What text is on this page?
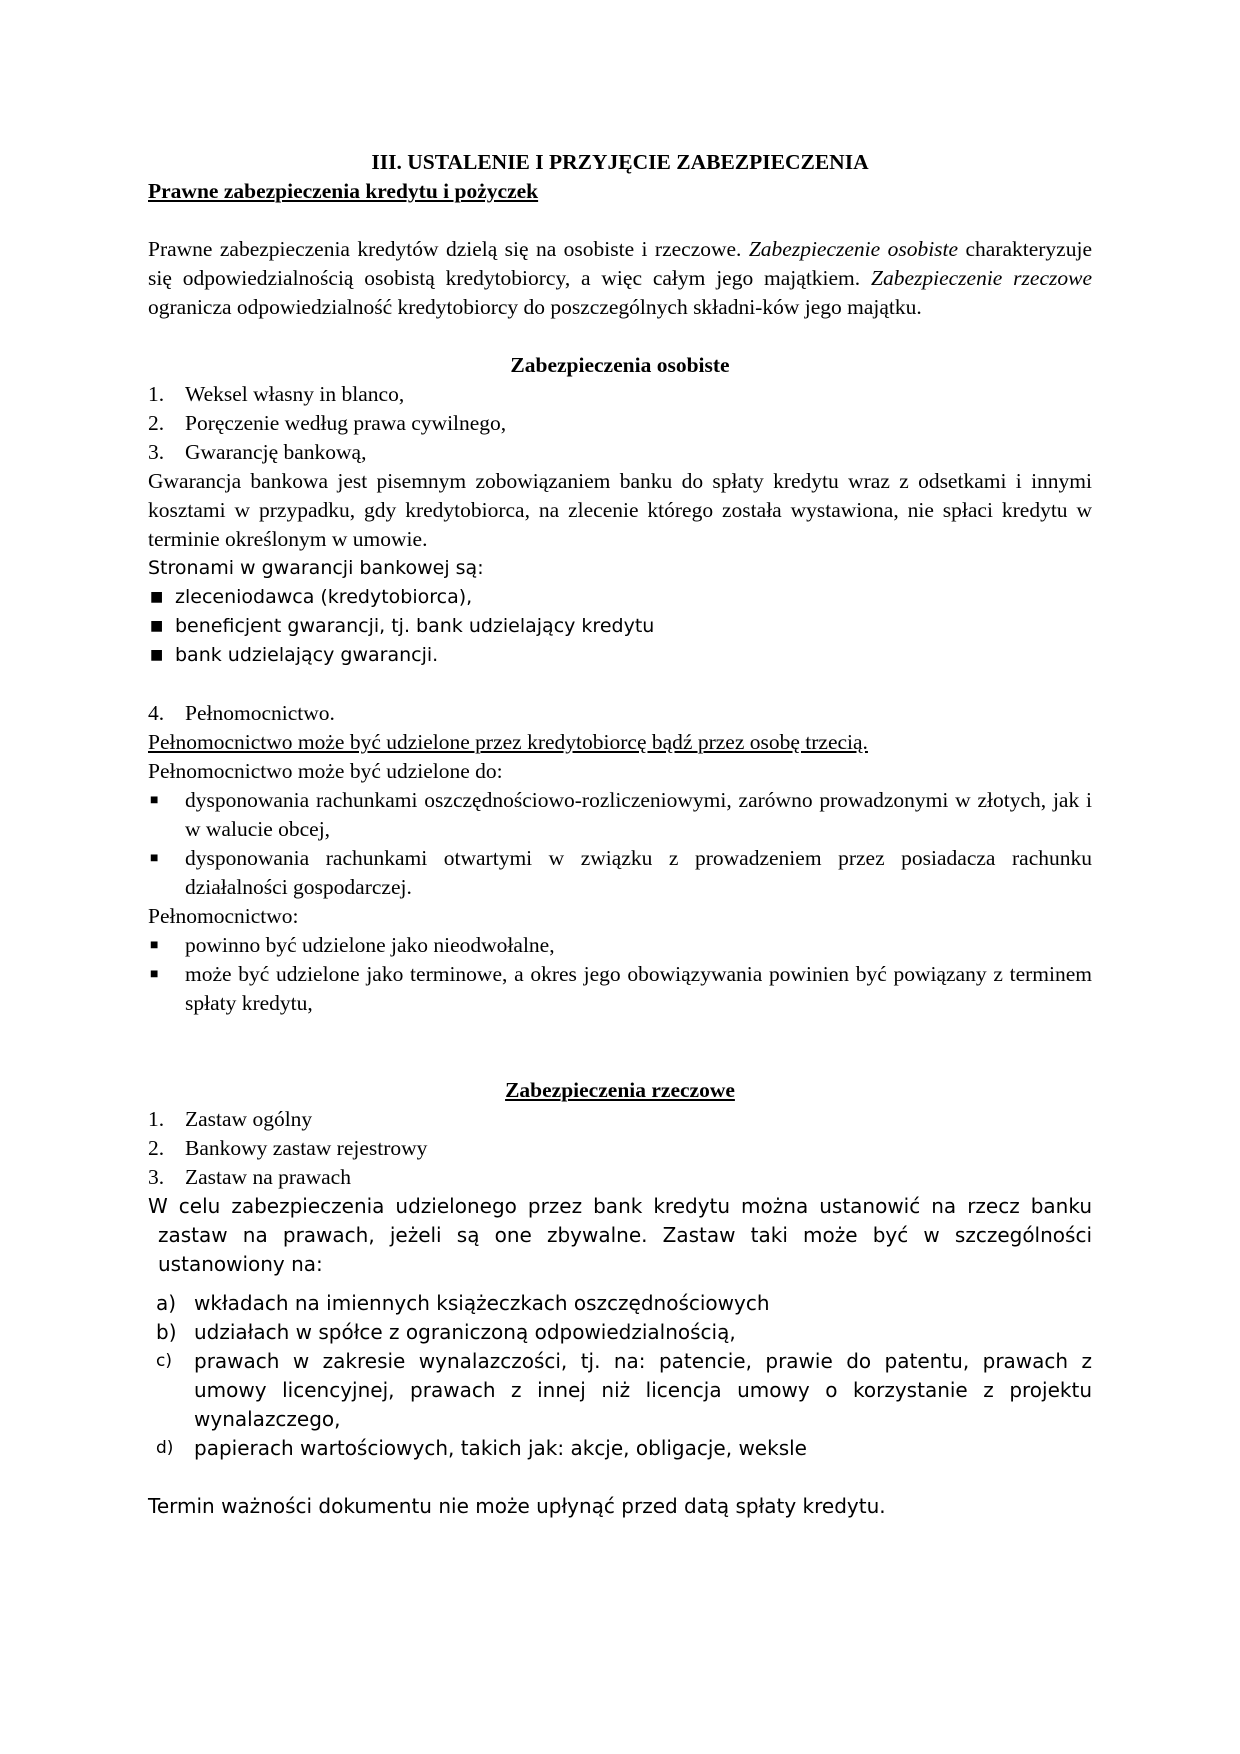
III. USTALENIE I PRZYJĘCIE ZABEZPIECZENIA

Prawne zabezpieczenia kredytu i pożyczek

Prawne zabezpieczenia kredytów dzielą się na osobiste i rzeczowe. Zabezpieczenie osobiste charakteryzuje się odpowiedzialnością osobistą kredytobiorcy, a więc całym jego majątkiem. Zabezpieczenie rzeczowe ogranicza odpowiedzialność kredytobiorcy do poszczególnych składni-ków jego majątku.

Zabezpieczenia osobiste

1. Weksel własny in blanco,
2. Poręczenie według prawa cywilnego,
3. Gwarancję bankową,

Gwarancja bankowa jest pisemnym zobowiązaniem banku do spłaty kredytu wraz z odsetkami i innymi kosztami w przypadku, gdy kredytobiorca, na zlecenie którego została wystawiona, nie spłaci kredytu w terminie określonym w umowie.

Stronami w gwarancji bankowej są:

■ zleceniodawca (kredytobiorca),
■ beneficjent gwarancji, tj. bank udzielający kredytu
■ bank udzielający gwarancji.
4. Pełnomocnictwo.

Pełnomocnictwo może być udzielone przez kredytobiorcę bądź przez osobę trzecią.

Pełnomocnictwo może być udzielone do:

■ dysponowania rachunkami oszczędnościowo-rozliczeniowymi, zarówno prowadzonymi w złotych, jak i w walucie obcej,
■ dysponowania rachunkami otwartymi w związku z prowadzeniem przez posiadacza rachunku działalności gospodarczej.

Pełnomocnictwo:

■ powinno być udzielone jako nieodwołalne,
■ może być udzielone jako terminowe, a okres jego obowiązywania powinien być powiązany z terminem spłaty kredytu,

Zabezpieczenia rzeczowe

1. Zastaw ogólny
2. Bankowy zastaw rejestrowy
3. Zastaw na prawach

W celu zabezpieczenia udzielonego przez bank kredytu można ustanowić na rzecz banku zastaw na prawach, jeżeli są one zbywalne. Zastaw taki może być w szczególności ustanowiony na:

a) wkładach na imiennych książeczkach oszczędnościowych
b) udziałach w spółce z ograniczoną odpowiedzialnością,
c) prawach w zakresie wynalazczości, tj. na: patencie, prawie do patentu, prawach z umowy licencyjnej, prawach z innej niż licencja umowy o korzystanie z projektu wynalazczego,
d) papierach wartościowych, takich jak: akcje, obligacje, weksle

Termin ważności dokumentu nie może upłynąć przed datą spłaty kredytu.
